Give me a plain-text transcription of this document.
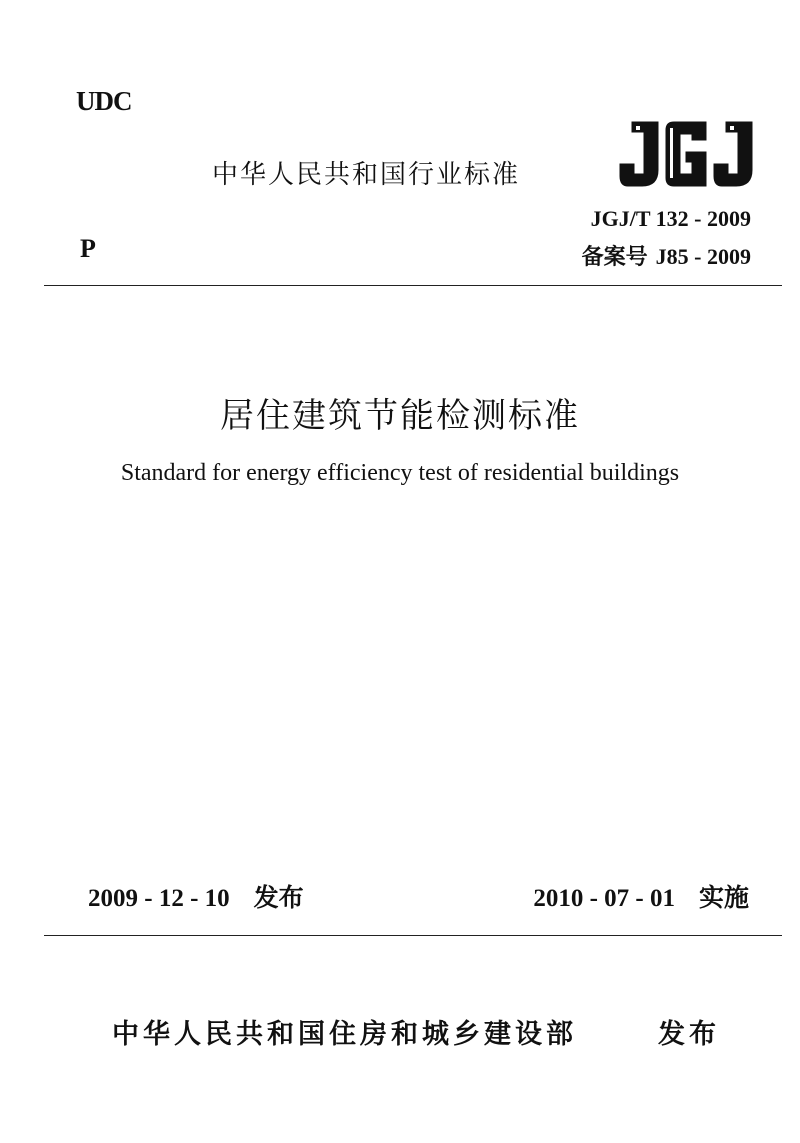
UDC
中华人民共和国行业标准
JGJ/T 132 - 2009
P	备案号 J85 - 2009
居住建筑节能检测标准
Standard for energy efficiency test of residential buildings
2009 - 12 - 10 发布	2010 - 07 - 01 实施
中华人民共和国住房和城乡建设部	发布
